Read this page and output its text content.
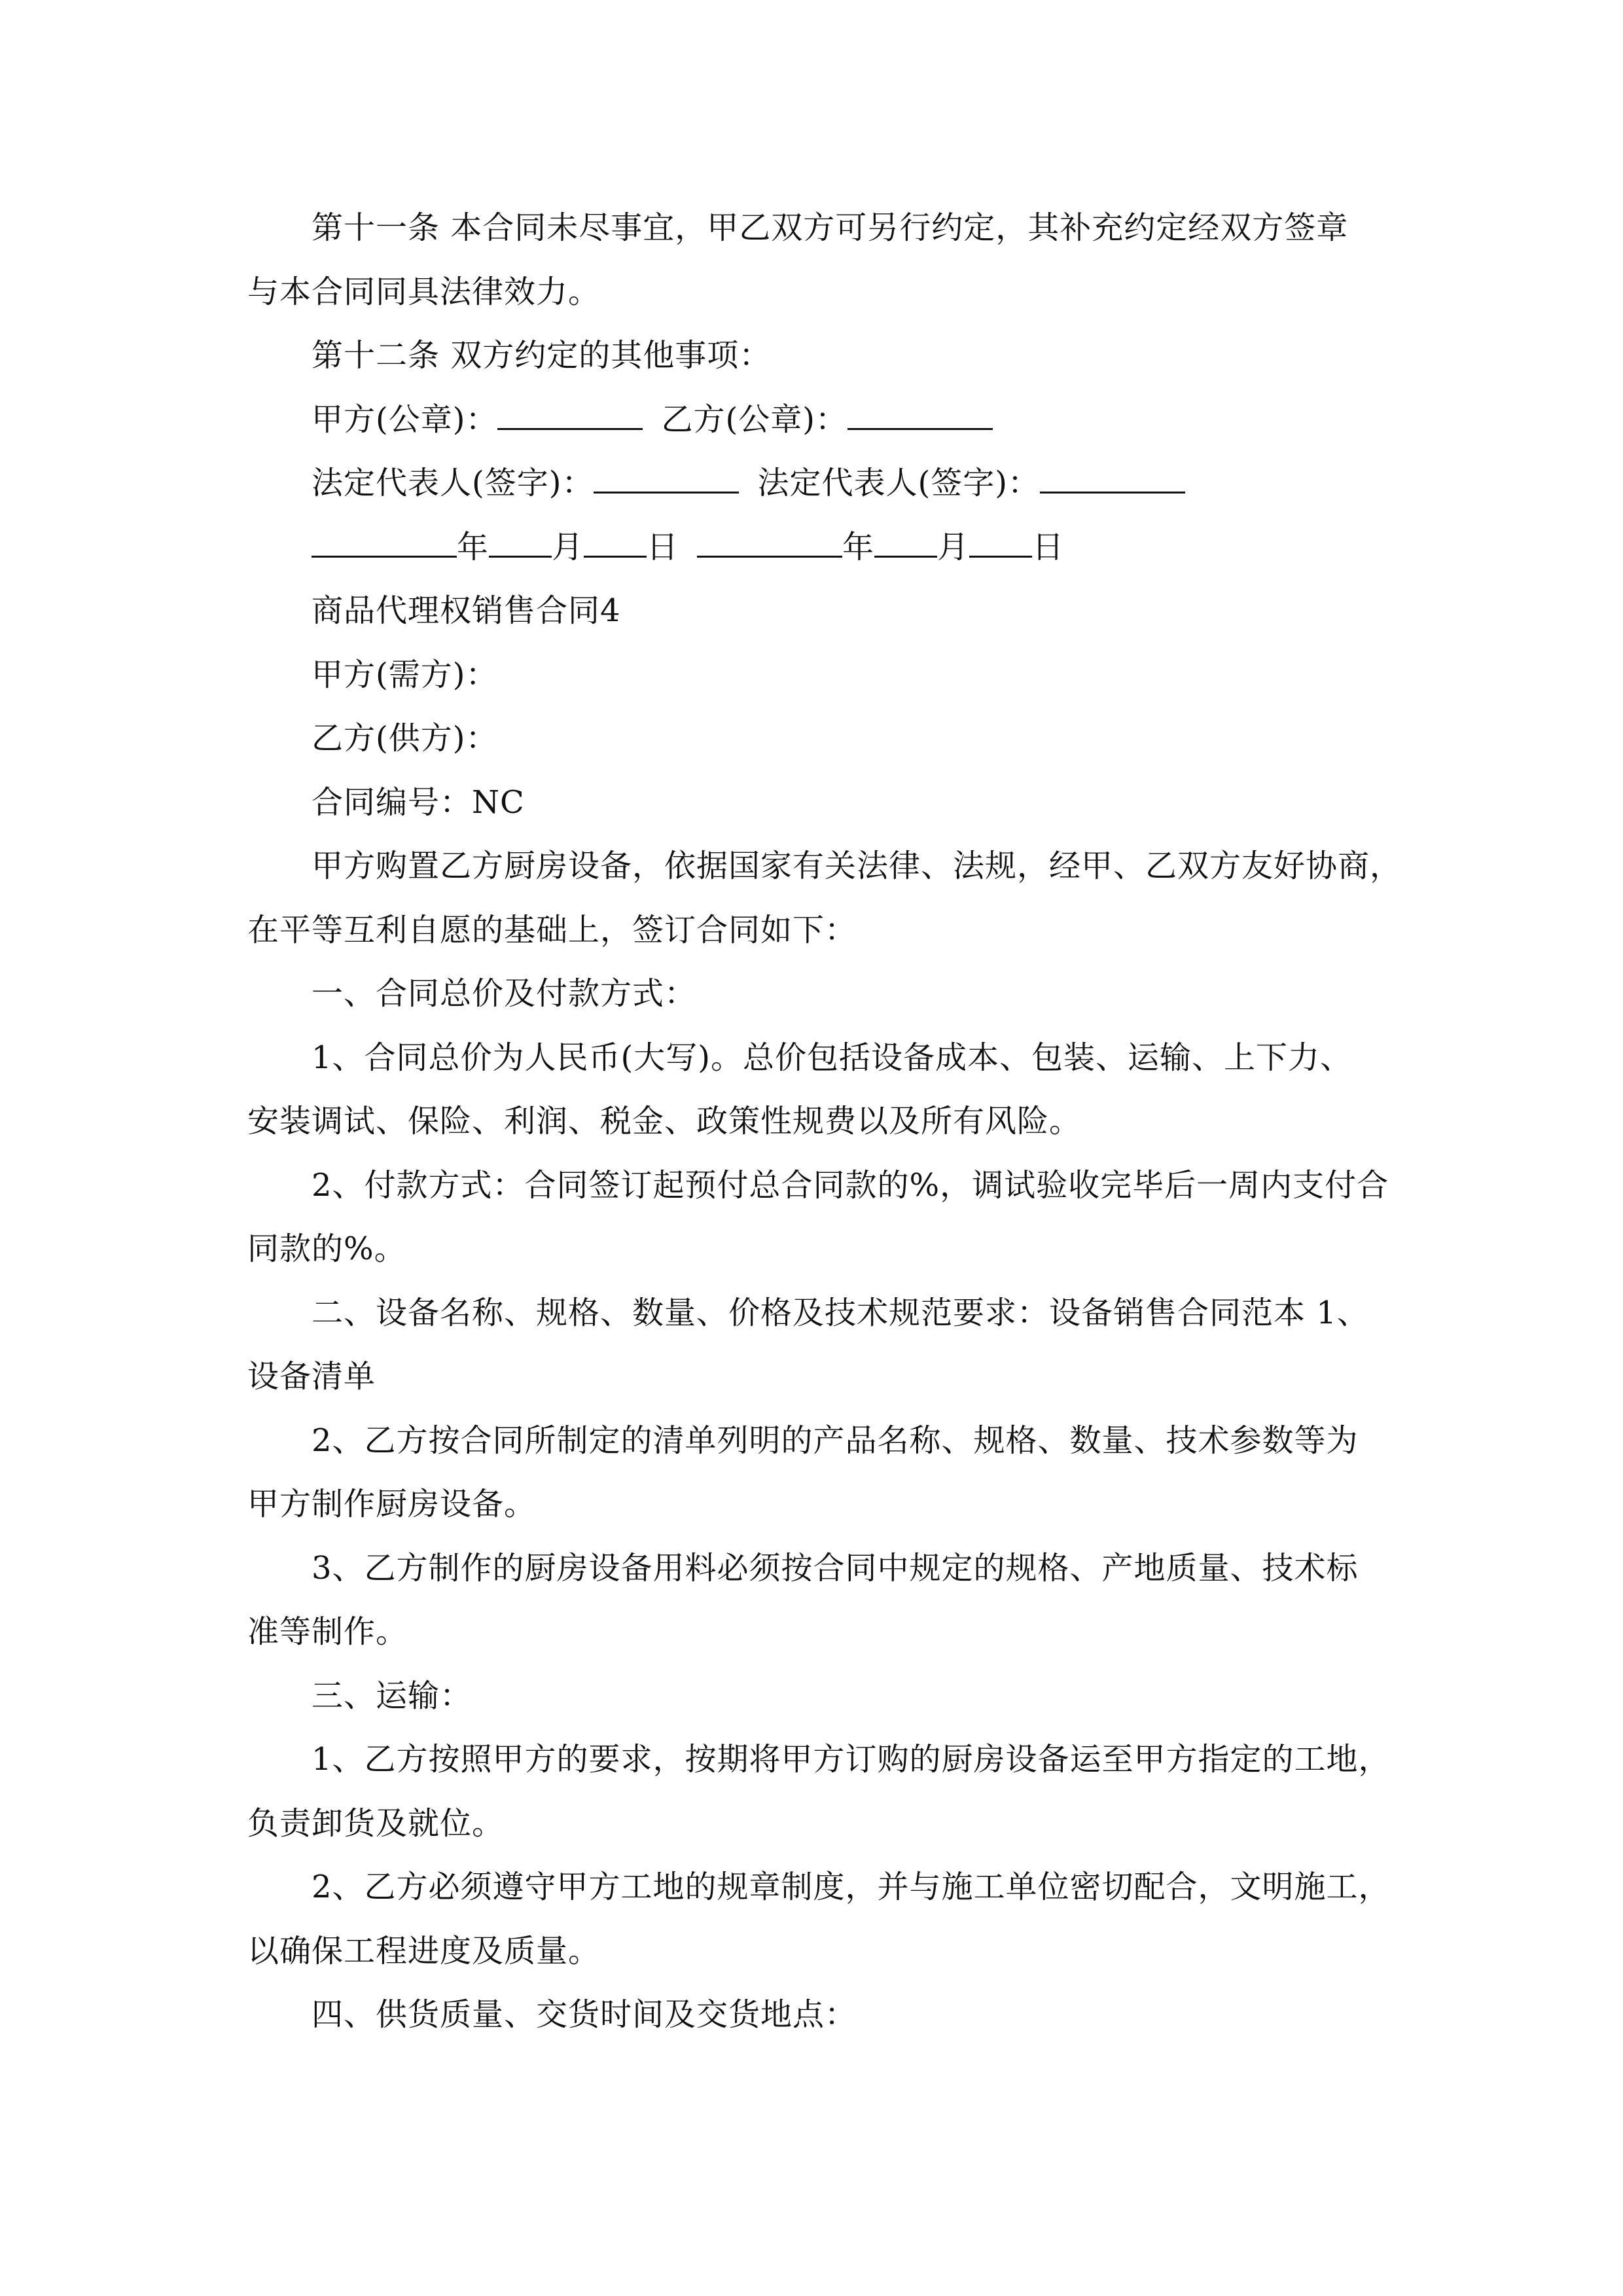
第十一条 本合同未尽事宜，甲乙双方可另行约定，其补充约定经双方签章
与本合同同具法律效力。
第十二条 双方约定的其他事项：
甲方(公章)：	乙方(公章)：
法定代表人(签字)：	法定代表人(签字)：
年 月 日	年 月 日
商品代理权销售合同4
甲方(需方)：
乙方(供方)：
合同编号：NC
甲方购置乙方厨房设备，依据国家有关法律、法规，经甲、乙双方友好协商，
在平等互利自愿的基础上，签订合同如下：
一、合同总价及付款方式：
1、合同总价为人民币(大写)。总价包括设备成本、包装、运输、上下力、
安装调试、保险、利润、税金、政策性规费以及所有风险。
2、付款方式：合同签订起预付总合同款的%，调试验收完毕后一周内支付合
同款的%。
二、设备名称、规格、数量、价格及技术规范要求：设备销售合同范本 1、
设备清单
2、乙方按合同所制定的清单列明的产品名称、规格、数量、技术参数等为
甲方制作厨房设备。
3、乙方制作的厨房设备用料必须按合同中规定的规格、产地质量、技术标
准等制作。
三、运输：
1、乙方按照甲方的要求，按期将甲方订购的厨房设备运至甲方指定的工地，
负责卸货及就位。
2、乙方必须遵守甲方工地的规章制度，并与施工单位密切配合，文明施工，
以确保工程进度及质量。
四、供货质量、交货时间及交货地点：
